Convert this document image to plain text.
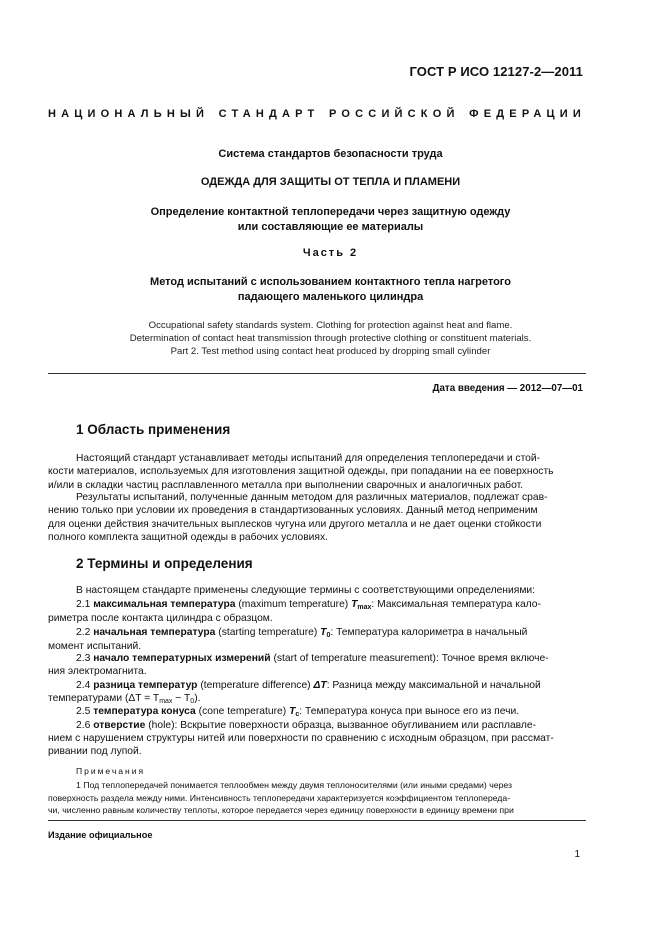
ГОСТ Р ИСО 12127-2—2011
НАЦИОНАЛЬНЫЙ СТАНДАРТ РОССИЙСКОЙ ФЕДЕРАЦИИ
Система стандартов безопасности труда
ОДЕЖДА ДЛЯ ЗАЩИТЫ ОТ ТЕПЛА И ПЛАМЕНИ
Определение контактной теплопередачи через защитную одежду
или составляющие ее материалы
Часть 2
Метод испытаний с использованием контактного тепла нагретого
падающего маленького цилиндра
Occupational safety standards system. Clothing for protection against heat and flame.
Determination of contact heat transmission through protective clothing or constituent materials.
Part 2. Test method using contact heat produced by dropping small cylinder
Дата введения — 2012—07—01
1 Область применения
Настоящий стандарт устанавливает методы испытаний для определения теплопередачи и стой-
кости материалов, используемых для изготовления защитной одежды, при попадании на ее поверхность
и/или в складки частиц расплавленного металла при выполнении сварочных и аналогичных работ.
Результаты испытаний, полученные данным методом для различных материалов, подлежат срав-
нению только при условии их проведения в стандартизованных условиях. Данный метод неприменим
для оценки действия значительных выплесков чугуна или другого металла и не дает оценки стойкости
полного комплекта защитной одежды в рабочих условиях.
2 Термины и определения
В настоящем стандарте применены следующие термины с соответствующими определениями:
2.1 максимальная температура (maximum temperature) $T_{max}$: Максимальная температура кало-
риметра после контакта цилиндра с образцом.
2.2 начальная температура (starting temperature) $T_0$: Температура калориметра в начальный
момент испытаний.
2.3 начало температурных измерений (start of temperature measurement): Точное время включе-
ния электромагнита.
2.4 разница температур (temperature difference) ΔT: Разница между максимальной и начальной
температурами $(\Delta T = T_{max} - T_0)$.
2.5 температура конуса (cone temperature) $T_c$: Температура конуса при выносе его из печи.
2.6 отверстие (hole): Вскрытие поверхности образца, вызванное обугливанием или расплавле-
нием с нарушением структуры нитей или поверхности по сравнению с исходным образцом, при рассмат-
ривании под лупой.
Примечания
1 Под теплопередачей понимается теплообмен между двумя теплоносителями (или иными средами) через
поверхность раздела между ними. Интенсивность теплопередачи характеризуется коэффициентом теплопереда-
чи, численно равным количеству теплоты, которое передается через единицу поверхности в единицу времени при
Издание официальное
1
